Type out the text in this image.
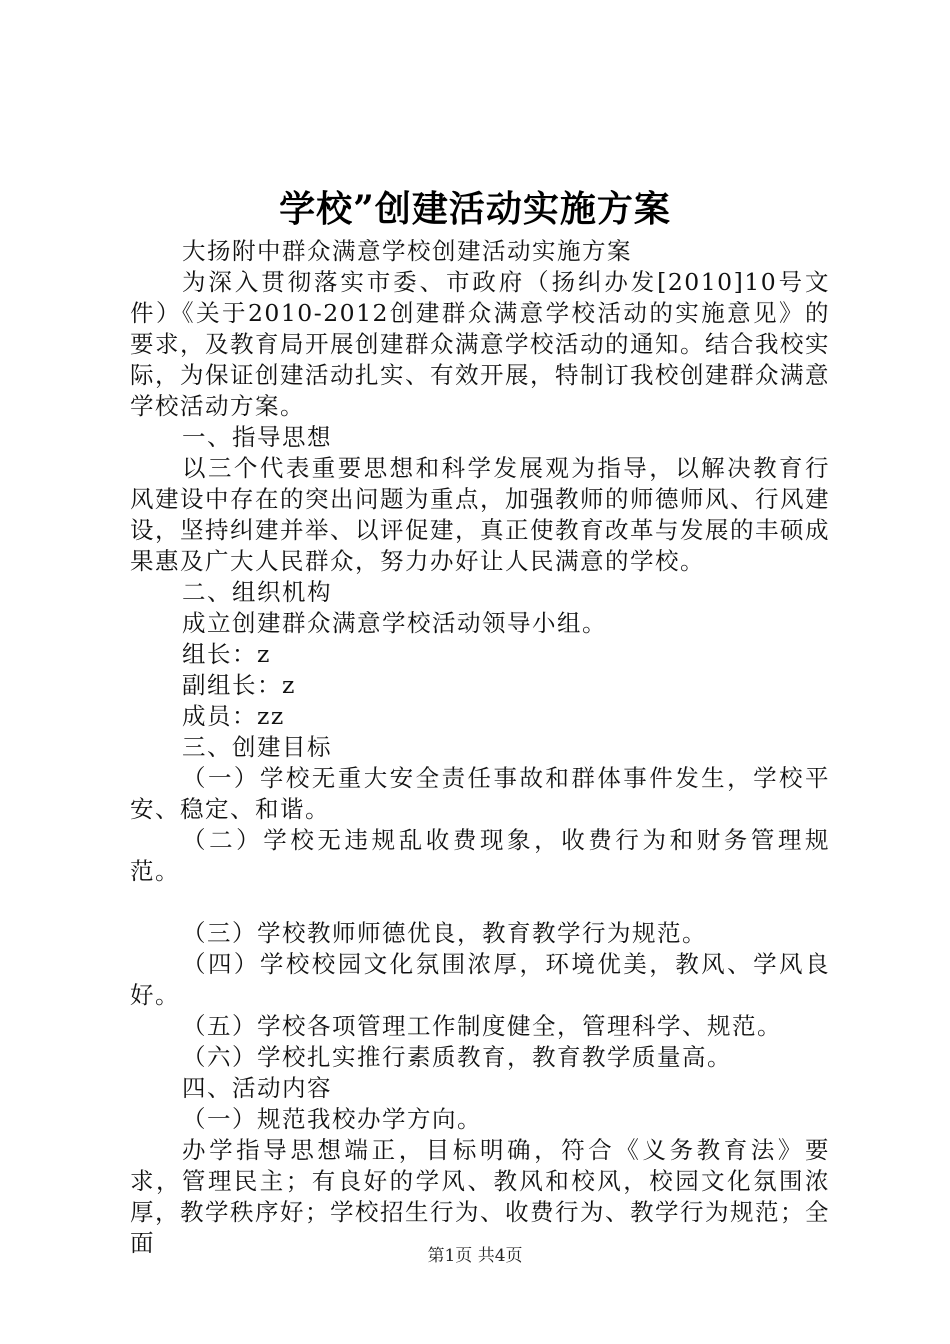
学校”创建活动实施方案

大扬附中群众满意学校创建活动实施方案

为深入贯彻落实市委、市政府（扬纠办发[2010]10号文件）《关于2010-2012创建群众满意学校活动的实施意见》的要求，及教育局开展创建群众满意学校活动的通知。结合我校实际，为保证创建活动扎实、有效开展，特制订我校创建群众满意学校活动方案。

一、指导思想

以三个代表重要思想和科学发展观为指导，以解决教育行风建设中存在的突出问题为重点，加强教师的师德师风、行风建设，坚持纠建并举、以评促建，真正使教育改革与发展的丰硕成果惠及广大人民群众，努力办好让人民满意的学校。

二、组织机构

成立创建群众满意学校活动领导小组。

组长：z

副组长：z

成员：zz

三、创建目标

（一）学校无重大安全责任事故和群体事件发生，学校平安、稳定、和谐。

（二）学校无违规乱收费现象，收费行为和财务管理规范。

（三）学校教师师德优良，教育教学行为规范。

（四）学校校园文化氛围浓厚，环境优美，教风、学风良好。

（五）学校各项管理工作制度健全，管理科学、规范。

（六）学校扎实推行素质教育，教育教学质量高。

四、活动内容

（一）规范我校办学方向。

办学指导思想端正，目标明确，符合《义务教育法》要求，管理民主；有良好的学风、教风和校风，校园文化氛围浓厚，教学秩序好；学校招生行为、收费行为、教学行为规范；全面	第1页 共4页
